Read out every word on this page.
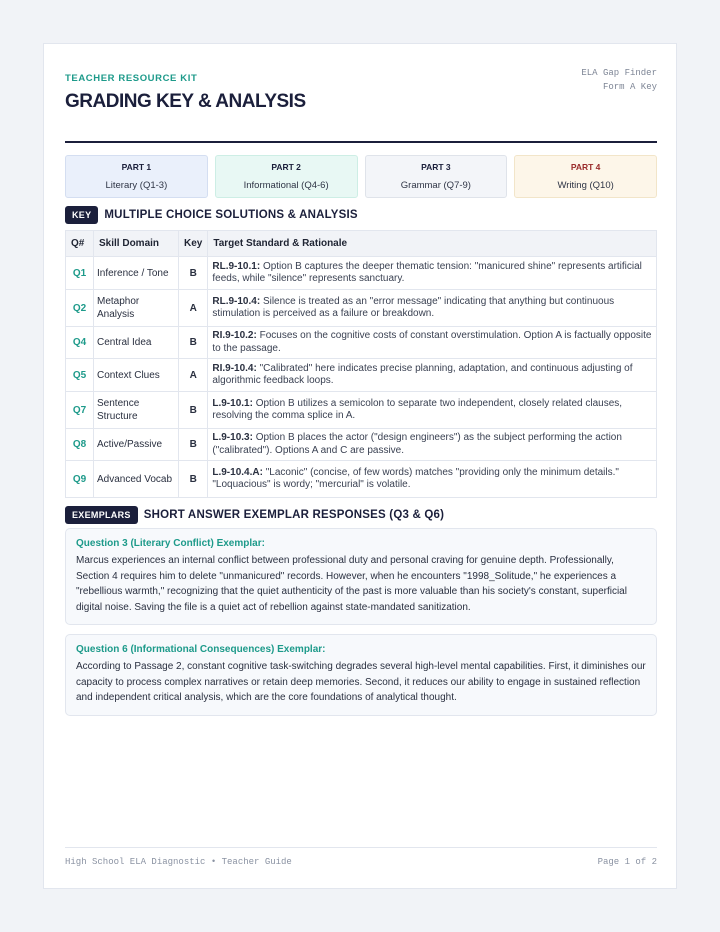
TEACHER RESOURCE KIT
GRADING KEY & ANALYSIS
ELA Gap Finder
Form A Key
PART 1
Literary (Q1-3)
PART 2
Informational (Q4-6)
PART 3
Grammar (Q7-9)
PART 4
Writing (Q10)
KEY	MULTIPLE CHOICE SOLUTIONS & ANALYSIS
Q#	Skill Domain	Key	Target Standard & Rationale
Q1	Inference / Tone	B	RL.9-10.1: Option B captures the deeper thematic tension: "manicured shine" represents artificial feeds, while "silence" represents sanctuary.
Q2	Metaphor Analysis	A	RL.9-10.4: Silence is treated as an "error message" indicating that anything but continuous stimulation is perceived as a failure or breakdown.
Q4	Central Idea	B	RI.9-10.2: Focuses on the cognitive costs of constant overstimulation. Option A is factually opposite to the passage.
Q5	Context Clues	A	RI.9-10.4: "Calibrated" here indicates precise planning, adaptation, and continuous adjusting of algorithmic feedback loops.
Q7	Sentence Structure	B	L.9-10.1: Option B utilizes a semicolon to separate two independent, closely related clauses, resolving the comma splice in A.
Q8	Active/Passive	B	L.9-10.3: Option B places the actor ("design engineers") as the subject performing the action ("calibrated"). Options A and C are passive.
Q9	Advanced Vocab	B	L.9-10.4.A: "Laconic" (concise, of few words) matches "providing only the minimum details." "Loquacious" is wordy; "mercurial" is volatile.
EXEMPLARS	SHORT ANSWER EXEMPLAR RESPONSES (Q3 & Q6)
Question 3 (Literary Conflict) Exemplar:
Marcus experiences an internal conflict between professional duty and personal craving for genuine depth. Professionally, Section 4 requires him to delete "unmanicured" records. However, when he encounters "1998_Solitude," he experiences a "rebellious warmth," recognizing that the quiet authenticity of the past is more valuable than his society's constant, superficial digital noise. Saving the file is a quiet act of rebellion against state-mandated sanitization.
Question 6 (Informational Consequences) Exemplar:
According to Passage 2, constant cognitive task-switching degrades several high-level mental capabilities. First, it diminishes our capacity to process complex narratives or retain deep memories. Second, it reduces our ability to engage in sustained reflection and independent critical analysis, which are the core foundations of analytical thought.
High School ELA Diagnostic • Teacher Guide	Page 1 of 2
